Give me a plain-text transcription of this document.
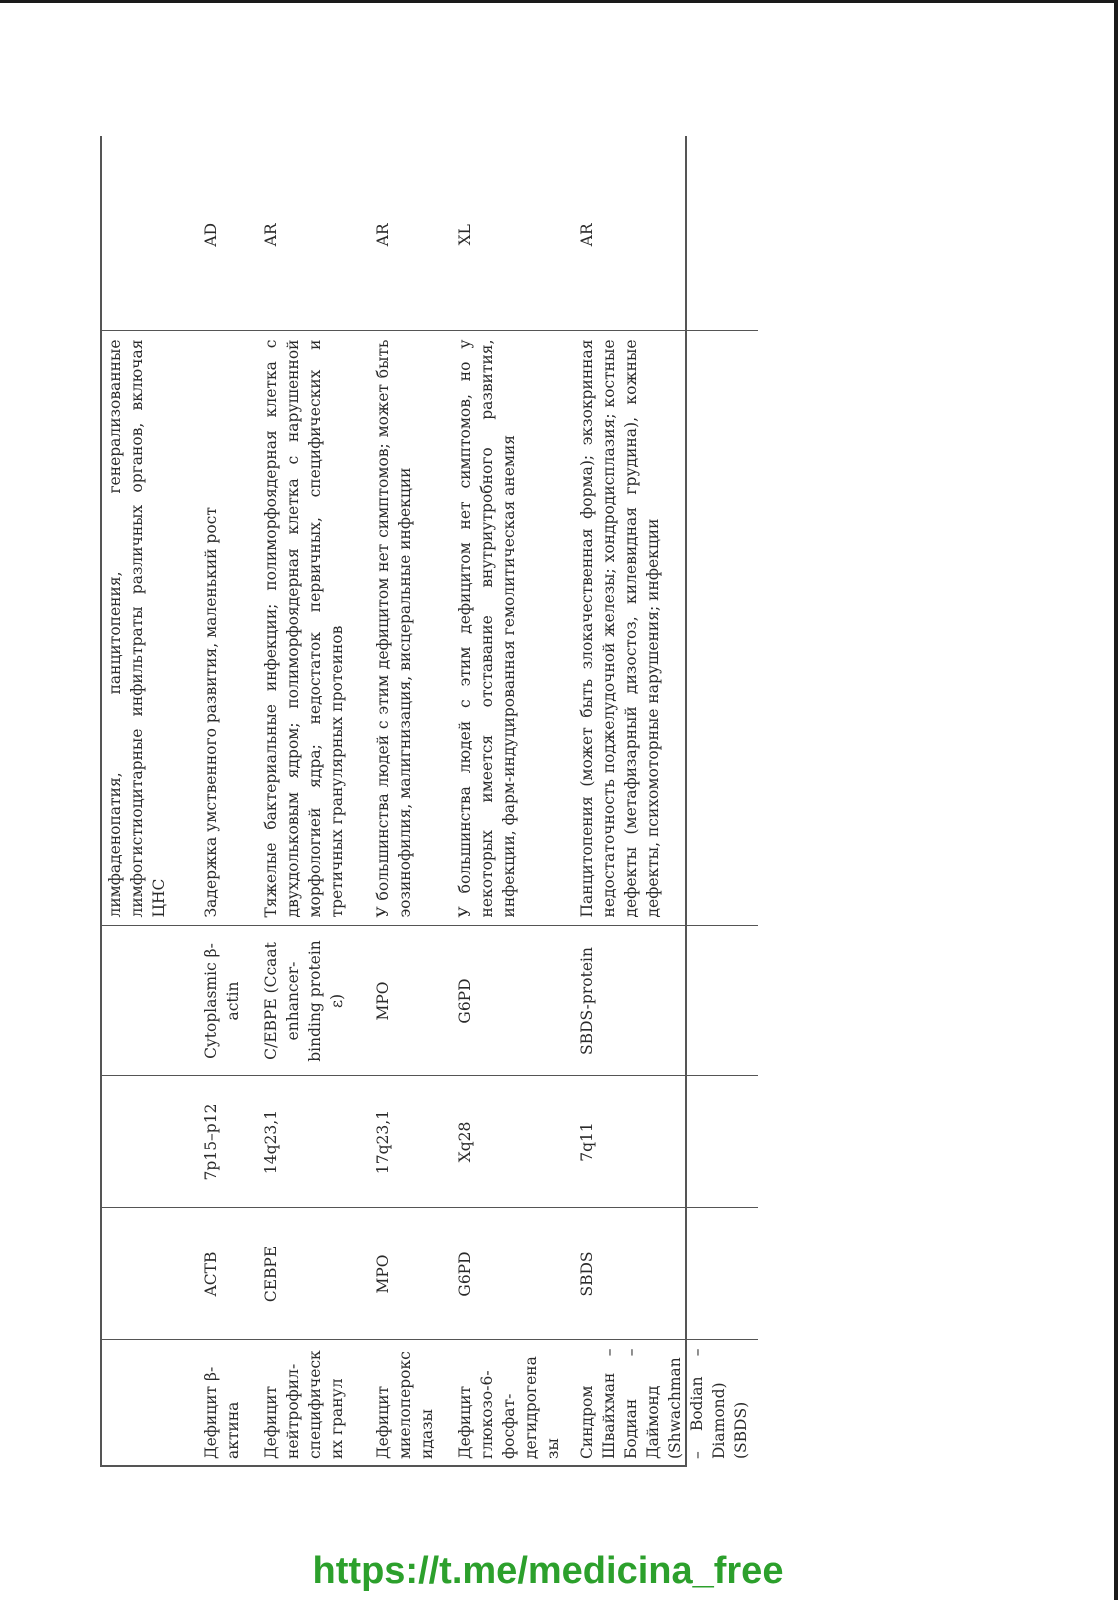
				лимфаденопатия, панцитопения, генерализованные лимфогистиоцитарные инфильтраты различных органов, включая ЦНС	
Дефицит β-актина	ACTB	7p15–p12	Cytoplasmic β-actin	Задержка умственного развития, маленький рост	AD
Дефицит нейтрофил-специфических гранул	CEBPE	14q23,1	C/EBPE (Ccaat enhancer-binding protein ε)	Тяжелые бактериальные инфекции; полиморфоядерная клетка с двухдольковым ядром; полиморфоядерная клетка с нарушенной морфологией ядра; недостаток первичных, специфических и третичных гранулярных протеинов	AR
Дефицит миелопероксидазы	MPO	17q23,1	MPO	У большинства людей с этим дефицитом нет симптомов; может быть эозинофилия, малигнизация, висцеральные инфекции	AR
Дефицит глюкозо-6-фосфат-дегидрогеназы	G6PD	Xq28	G6PD	У большинства людей с этим дефицитом нет симптомов, но у некоторых имеется отставание внутриутробного развития, инфекции, фарм-индуцированная гемолитическая анемия	XL
Синдром Швайхман – Бодиан – Даймонд (Shwachman – Bodian – Diamond) (SBDS)	SBDS	7q11	SBDS-protein	Панцитопения (может быть злокачественная форма); экзокринная недостаточность поджелудочной железы; хондродисплазия; костные дефекты (метафизарный дизостоз, килевидная грудина), кожные дефекты, психомоторные нарушения; инфекции	AR
https://t.me/medicina_free
